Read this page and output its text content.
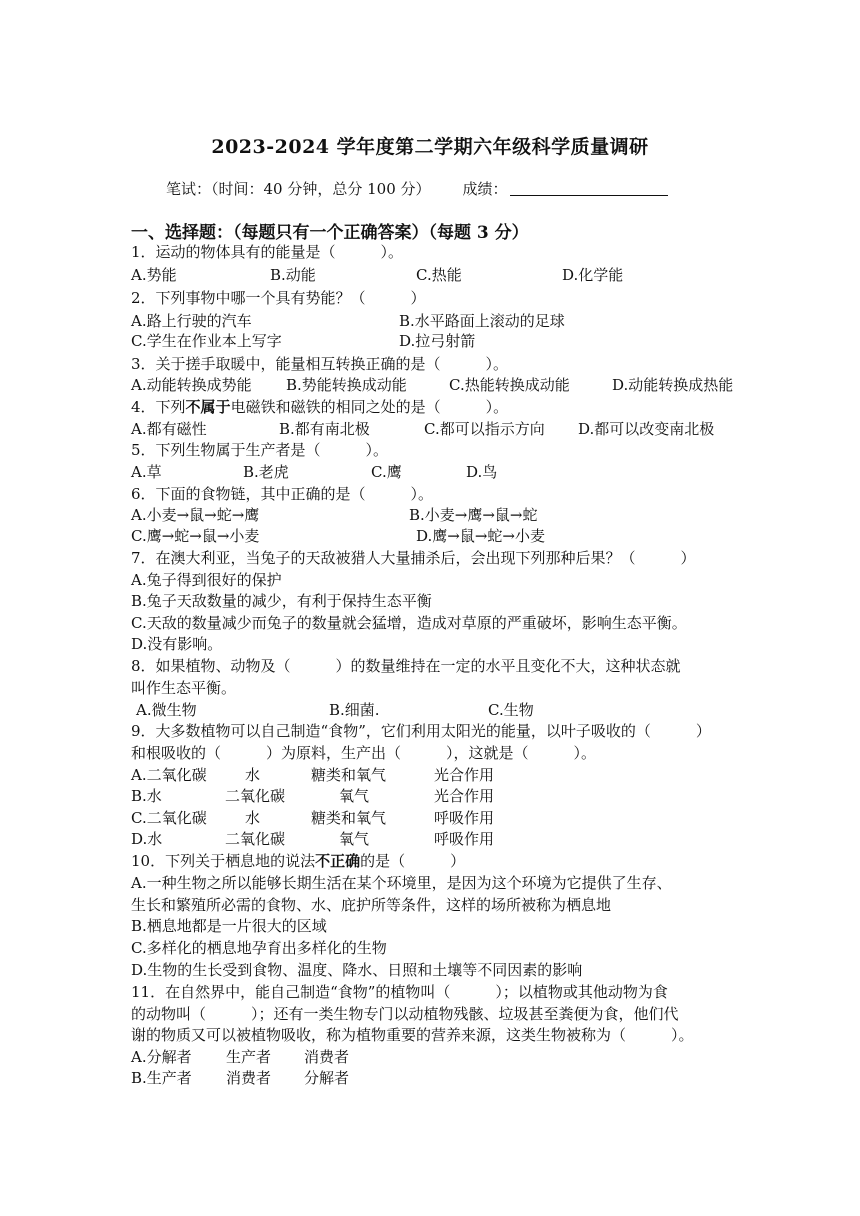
2023-2024 学年度第二学期六年级科学质量调研
笔试：（时间：40 分钟，总分 100 分） 成绩：
一、选择题：（每题只有一个正确答案）（每题 3 分）
1．运动的物体具有的能量是（　　　）。
A.势能	B.动能	C.热能	D.化学能
2．下列事物中哪一个具有势能？（　　　）
A.路上行驶的汽车	B.水平路面上滚动的足球
C.学生在作业本上写字	D.拉弓射箭
3．关于搓手取暖中，能量相互转换正确的是（　　　）。
A.动能转换成势能 B.势能转换成动能	C.热能转换成动能	D.动能转换成热能
4．下列不属于电磁铁和磁铁的相同之处的是（　　　）。
A.都有磁性	B.都有南北极	C.都可以指示方向 D.都可以改变南北极
5．下列生物属于生产者是（　　　）。
A.草	B.老虎	C.鹰	D.鸟
6．下面的食物链，其中正确的是（　　　）。
A.小麦→鼠→蛇→鹰	B.小麦→鹰→鼠→蛇
C.鹰→蛇→鼠→小麦	D.鹰→鼠→蛇→小麦
7．在澳大利亚，当兔子的天敌被猎人大量捕杀后，会出现下列那种后果？（　　　）
A.兔子得到很好的保护
B.兔子天敌数量的减少，有利于保持生态平衡
C.天敌的数量减少而兔子的数量就会猛增，造成对草原的严重破坏，影响生态平衡。
D.没有影响。
8．如果植物、动物及（　　　）的数量维持在一定的水平且变化不大，这种状态就
叫作生态平衡。
A.微生物	B.细菌.	C.生物
9．大多数植物可以自己制造“食物”，它们利用太阳光的能量，以叶子吸收的（　　　）
和根吸收的（　　　）为原料，生产出（　　　），这就是（　　　）。
A.二氧化碳	水	糖类和氧气	光合作用
B.水	二氧化碳	氧气	光合作用
C.二氧化碳	水	糖类和氧气	呼吸作用
D.水	二氧化碳	氧气	呼吸作用
10．下列关于栖息地的说法不正确的是（　　　）
A.一种生物之所以能够长期生活在某个环境里，是因为这个环境为它提供了生存、
生长和繁殖所必需的食物、水、庇护所等条件，这样的场所被称为栖息地
B.栖息地都是一片很大的区域
C.多样化的栖息地孕育出多样化的生物
D.生物的生长受到食物、温度、降水、日照和土壤等不同因素的影响
11．在自然界中，能自己制造“食物”的植物叫（　　　）；以植物或其他动物为食
的动物叫（　　　）；还有一类生物专门以动植物残骸、垃圾甚至粪便为食，他们代
谢的物质又可以被植物吸收，称为植物重要的营养来源，这类生物被称为（　　　）。
A.分解者 生产者 消费者
B.生产者 消费者 分解者
